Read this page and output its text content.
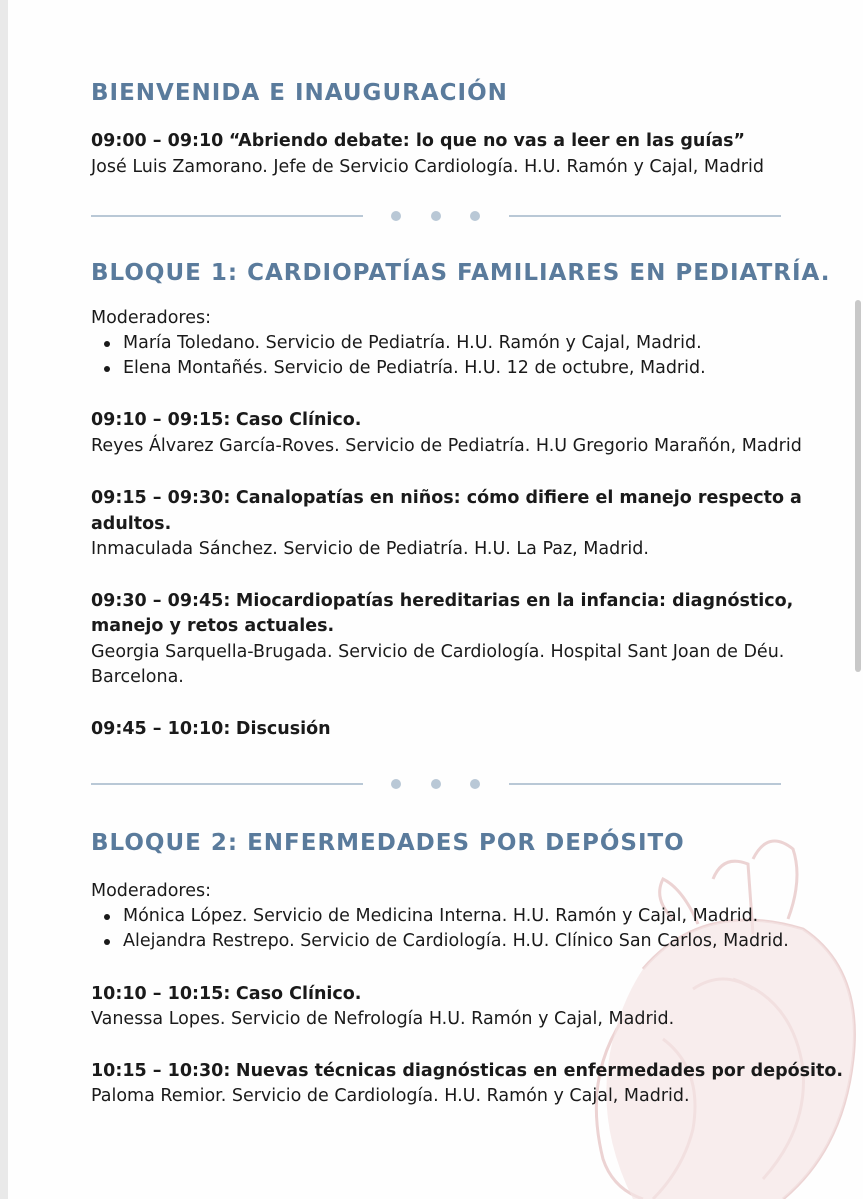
BIENVENIDA E INAUGURACIÓN
09:00 – 09:10 “Abriendo debate: lo que no vas a leer en las guías”
José Luis Zamorano. Jefe de Servicio Cardiología. H.U. Ramón y Cajal, Madrid
BLOQUE 1: CARDIOPATÍAS FAMILIARES EN PEDIATRÍA.
Moderadores:
María Toledano. Servicio de Pediatría. H.U. Ramón y Cajal, Madrid.
Elena Montañés. Servicio de Pediatría. H.U. 12 de octubre, Madrid.
09:10 – 09:15: Caso Clínico.
Reyes Álvarez García-Roves. Servicio de Pediatría. H.U Gregorio Marañón, Madrid
09:15 – 09:30: Canalopatías en niños: cómo difiere el manejo respecto a
adultos.
Inmaculada Sánchez. Servicio de Pediatría. H.U. La Paz, Madrid.
09:30 – 09:45: Miocardiopatías hereditarias en la infancia: diagnóstico,
manejo y retos actuales.
Georgia Sarquella-Brugada. Servicio de Cardiología. Hospital Sant Joan de Déu.
Barcelona.
09:45 – 10:10: Discusión
BLOQUE 2: ENFERMEDADES POR DEPÓSITO
Moderadores:
Mónica López. Servicio de Medicina Interna. H.U. Ramón y Cajal, Madrid.
Alejandra Restrepo. Servicio de Cardiología. H.U. Clínico San Carlos, Madrid.
10:10 – 10:15: Caso Clínico.
Vanessa Lopes. Servicio de Nefrología H.U. Ramón y Cajal, Madrid.
10:15 – 10:30: Nuevas técnicas diagnósticas en enfermedades por depósito.
Paloma Remior. Servicio de Cardiología. H.U. Ramón y Cajal, Madrid.
